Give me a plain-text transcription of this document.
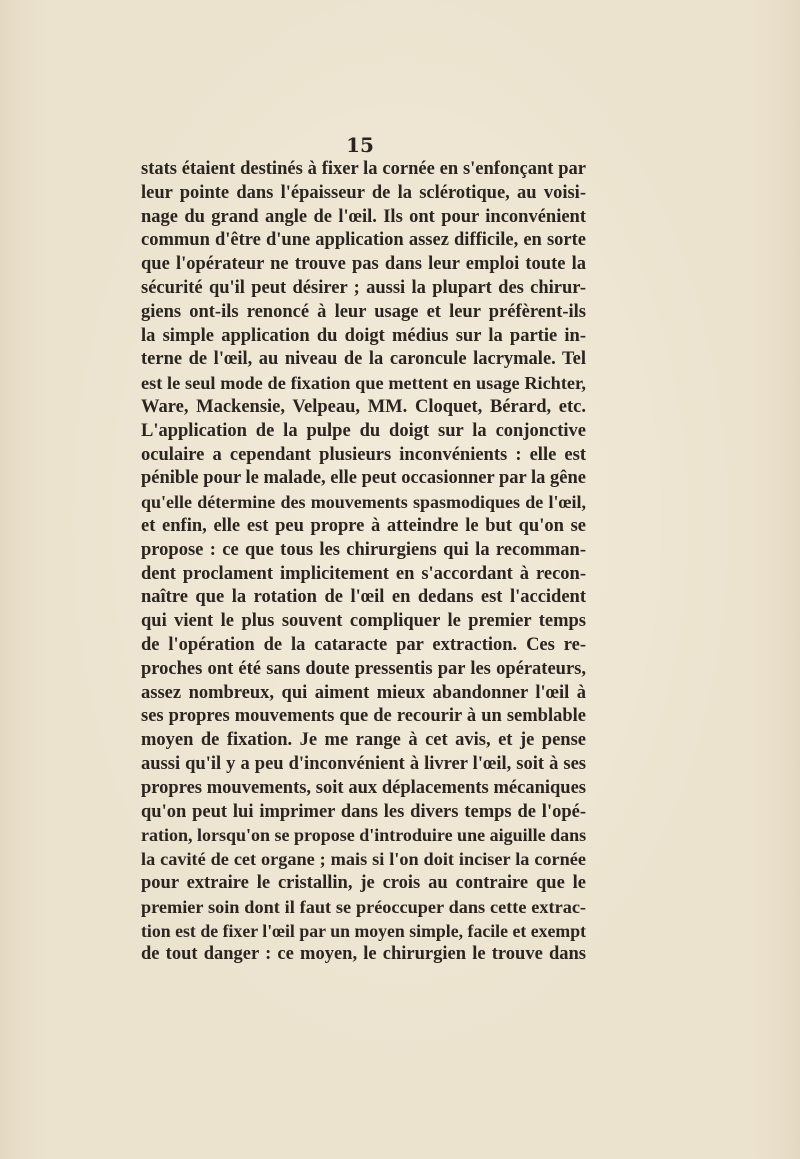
15
stats étaient destinés à fixer la cornée en s'enfonçant par
leur pointe dans l'épaisseur de la sclérotique, au voisi-
nage du grand angle de l'œil. Ils ont pour inconvénient
commun d'être d'une application assez difficile, en sorte
que l'opérateur ne trouve pas dans leur emploi toute la
sécurité qu'il peut désirer ; aussi la plupart des chirur-
giens ont-ils renoncé à leur usage et leur préfèrent-ils
la simple application du doigt médius sur la partie in-
terne de l'œil, au niveau de la caroncule lacrymale. Tel
est le seul mode de fixation que mettent en usage Richter,
Ware, Mackensie, Velpeau, MM. Cloquet, Bérard, etc.
L'application de la pulpe du doigt sur la conjonctive
oculaire a cependant plusieurs inconvénients : elle est
pénible pour le malade, elle peut occasionner par la gêne
qu'elle détermine des mouvements spasmodiques de l'œil,
et enfin, elle est peu propre à atteindre le but qu'on se
propose : ce que tous les chirurgiens qui la recomman-
dent proclament implicitement en s'accordant à recon-
naître que la rotation de l'œil en dedans est l'accident
qui vient le plus souvent compliquer le premier temps
de l'opération de la cataracte par extraction. Ces re-
proches ont été sans doute pressentis par les opérateurs,
assez nombreux, qui aiment mieux abandonner l'œil à
ses propres mouvements que de recourir à un semblable
moyen de fixation. Je me range à cet avis, et je pense
aussi qu'il y a peu d'inconvénient à livrer l'œil, soit à ses
propres mouvements, soit aux déplacements mécaniques
qu'on peut lui imprimer dans les divers temps de l'opé-
ration, lorsqu'on se propose d'introduire une aiguille dans
la cavité de cet organe ; mais si l'on doit inciser la cornée
pour extraire le cristallin, je crois au contraire que le
premier soin dont il faut se préoccuper dans cette extrac-
tion est de fixer l'œil par un moyen simple, facile et exempt
de tout danger : ce moyen, le chirurgien le trouve dans
